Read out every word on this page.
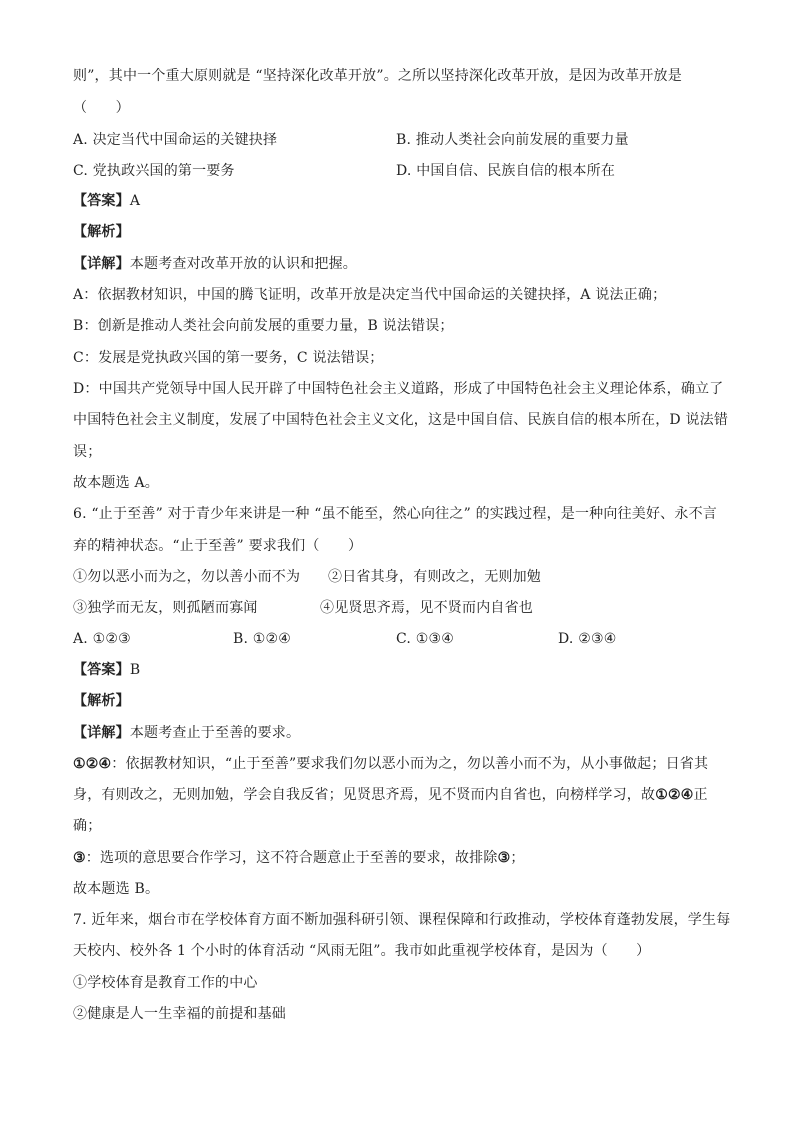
则”，其中一个重大原则就是 “坚持深化改革开放”。之所以坚持深化改革开放，是因为改革开放是
（　　）
A. 决定当代中国命运的关键抉择	B. 推动人类社会向前发展的重要力量
C. 党执政兴国的第一要务	D. 中国自信、民族自信的根本所在
【答案】A
【解析】
【详解】本题考查对改革开放的认识和把握。
A：依据教材知识，中国的腾飞证明，改革开放是决定当代中国命运的关键抉择，A 说法正确；
B：创新是推动人类社会向前发展的重要力量，B 说法错误；
C：发展是党执政兴国的第一要务，C 说法错误；
D：中国共产党领导中国人民开辟了中国特色社会主义道路，形成了中国特色社会主义理论体系，确立了
中国特色社会主义制度，发展了中国特色社会主义文化，这是中国自信、民族自信的根本所在，D 说法错
误；
故本题选 A。
6. “止于至善” 对于青少年来讲是一种 “虽不能至，然心向往之” 的实践过程，是一种向往美好、永不言
弃的精神状态。“止于至善” 要求我们（　　）
①勿以恶小而为之，勿以善小而不为 ②日省其身，有则改之，无则加勉
③独学而无友，则孤陋而寡闻	④见贤思齐焉，见不贤而内自省也
A. ①②③	B. ①②④	C. ①③④	D. ②③④
【答案】B
【解析】
【详解】本题考查止于至善的要求。
①②④：依据教材知识，“止于至善”要求我们勿以恶小而为之，勿以善小而不为，从小事做起；日省其
身，有则改之，无则加勉，学会自我反省；见贤思齐焉，见不贤而内自省也，向榜样学习，故①②④正
确；
③：选项的意思要合作学习，这不符合题意止于至善的要求，故排除③；
故本题选 B。
7. 近年来，烟台市在学校体育方面不断加强科研引领、课程保障和行政推动，学校体育蓬勃发展，学生每
天校内、校外各 1 个小时的体育活动 “风雨无阻”。我市如此重视学校体育，是因为（　　）
①学校体育是教育工作的中心
②健康是人一生幸福的前提和基础
